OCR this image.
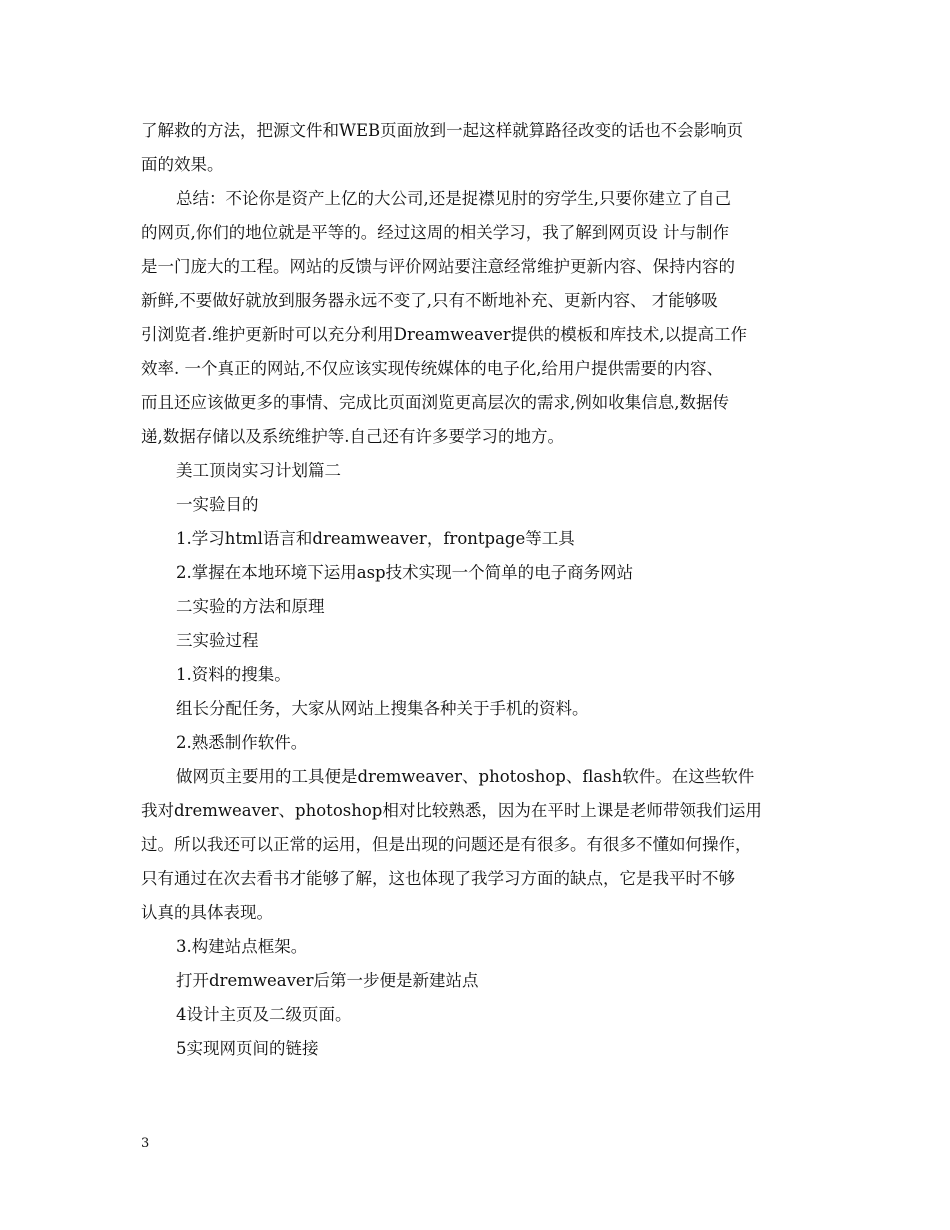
了解救的方法，把源文件和WEB页面放到一起这样就算路径改变的话也不会影响页
面的效果。
总结：不论你是资产上亿的大公司,还是捉襟见肘的穷学生,只要你建立了自己
的网页,你们的地位就是平等的。经过这周的相关学习，我了解到网页设 计与制作
是一门庞大的工程。网站的反馈与评价网站要注意经常维护更新内容、保持内容的
新鲜,不要做好就放到服务器永远不变了,只有不断地补充、更新内容、 才能够吸
引浏览者.维护更新时可以充分利用Dreamweaver提供的模板和库技术,以提高工作
效率. 一个真正的网站,不仅应该实现传统媒体的电子化,给用户提供需要的内容、
而且还应该做更多的事情、完成比页面浏览更高层次的需求,例如收集信息,数据传
递,数据存储以及系统维护等.自己还有许多要学习的地方。
美工顶岗实习计划篇二
一实验目的
1.学习html语言和dreamweaver，frontpage等工具
2.掌握在本地环境下运用asp技术实现一个简单的电子商务网站
二实验的方法和原理
三实验过程
1.资料的搜集。
组长分配任务，大家从网站上搜集各种关于手机的资料。
2.熟悉制作软件。
做网页主要用的工具便是dremweaver、photoshop、flash软件。在这些软件
我对dremweaver、photoshop相对比较熟悉，因为在平时上课是老师带领我们运用
过。所以我还可以正常的运用，但是出现的问题还是有很多。有很多不懂如何操作，
只有通过在次去看书才能够了解，这也体现了我学习方面的缺点，它是我平时不够
认真的具体表现。
3.构建站点框架。
打开dremweaver后第一步便是新建站点
4设计主页及二级页面。
5实现网页间的链接
3
